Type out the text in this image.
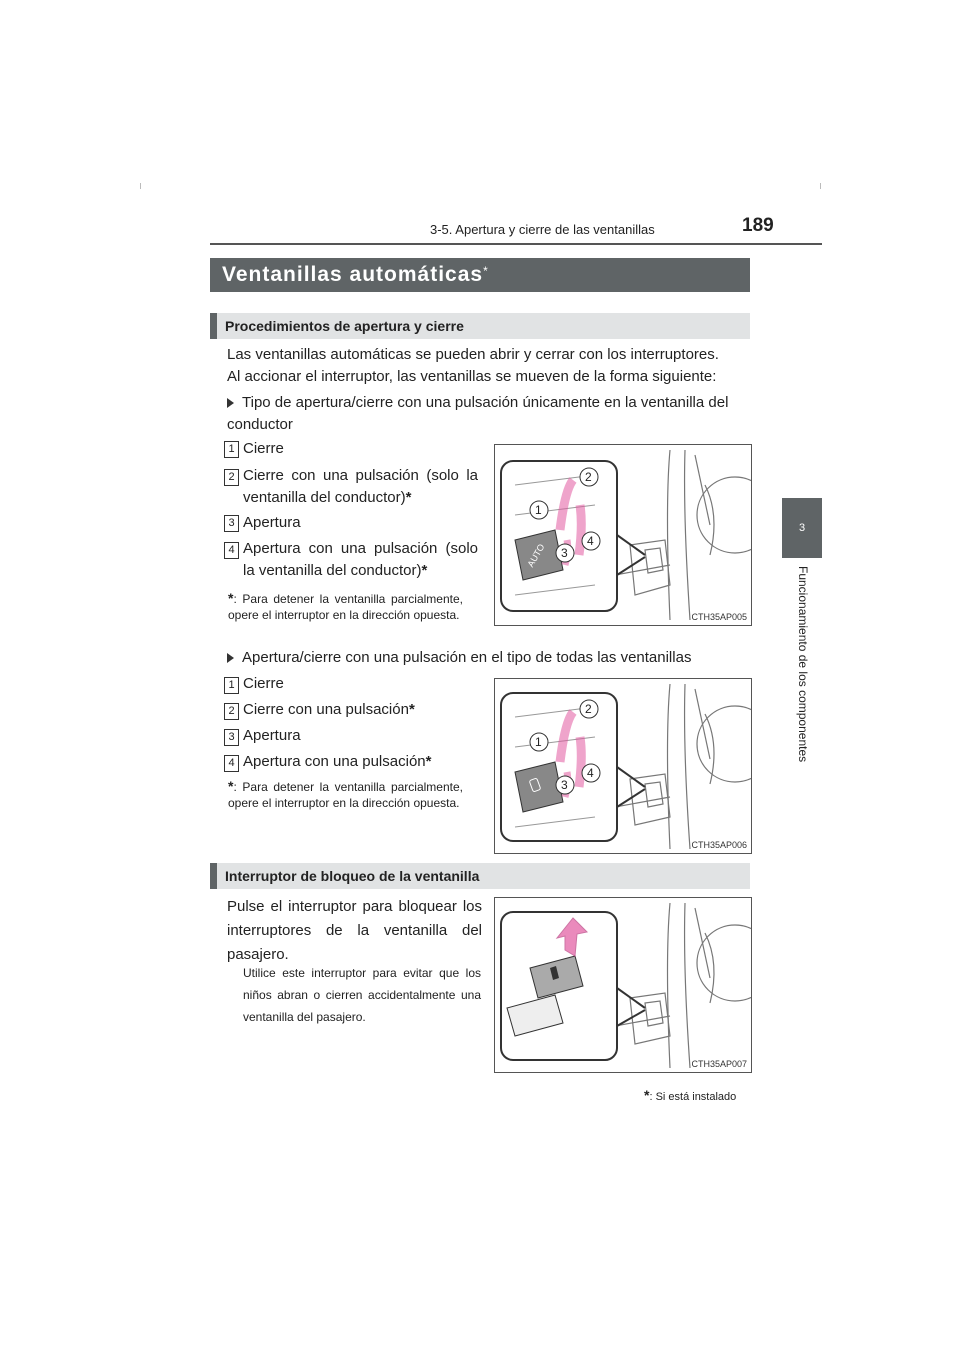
3-5. Apertura y cierre de las ventanillas	189
3
Funcionamiento de los componentes
Ventanillas automáticas*
Procedimientos de apertura y cierre
Las ventanillas automáticas se pueden abrir y cerrar con los interruptores.
Al accionar el interruptor, las ventanillas se mueven de la forma siguiente:
Tipo de apertura/cierre con una pulsación únicamente en la ventanilla del conductor
1 Cierre
2 Cierre con una pulsación (solo la ventanilla del conductor)*
3 Apertura
4 Apertura con una pulsación (solo la ventanilla del conductor)*
*: Para detener la ventanilla parcialmente, opere el interruptor en la dirección opuesta.
AUTO
2
1
4
3
CTH35AP005
Apertura/cierre con una pulsación en el tipo de todas las ventanillas
1 Cierre
2 Cierre con una pulsación*
3 Apertura
4 Apertura con una pulsación*
*: Para detener la ventanilla parcialmente, opere el interruptor en la dirección opuesta.
2
1
4
3
CTH35AP006
Interruptor de bloqueo de la ventanilla
Pulse el interruptor para bloquear los interruptores de la ventanilla del pasajero.
Utilice este interruptor para evitar que los niños abran o cierren accidentalmente una ventanilla del pasajero.
CTH35AP007
*: Si está instalado
